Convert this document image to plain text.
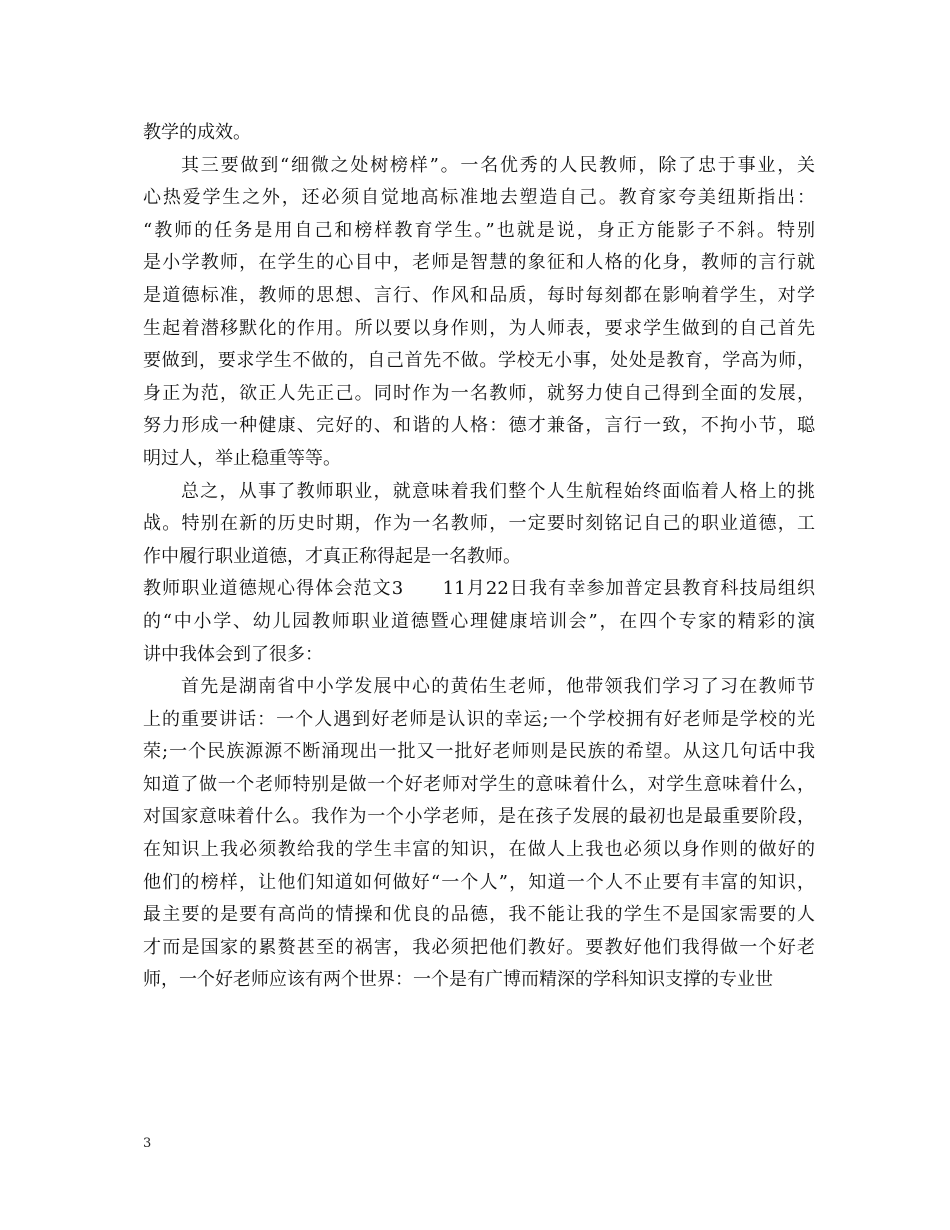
教学的成效。
其三要做到“细微之处树榜样”。一名优秀的人民教师，除了忠于事业，关
心热爱学生之外，还必须自觉地高标准地去塑造自己。教育家夸美纽斯指出：
“教师的任务是用自己和榜样教育学生。”也就是说，身正方能影子不斜。特别
是小学教师，在学生的心目中，老师是智慧的象征和人格的化身，教师的言行就
是道德标准，教师的思想、言行、作风和品质，每时每刻都在影响着学生，对学
生起着潜移默化的作用。所以要以身作则，为人师表，要求学生做到的自己首先
要做到，要求学生不做的，自己首先不做。学校无小事，处处是教育，学高为师，
身正为范，欲正人先正己。同时作为一名教师，就努力使自己得到全面的发展，
努力形成一种健康、完好的、和谐的人格：德才兼备，言行一致，不拘小节，聪
明过人，举止稳重等等。
总之，从事了教师职业，就意味着我们整个人生航程始终面临着人格上的挑
战。特别在新的历史时期，作为一名教师，一定要时刻铭记自己的职业道德，工
作中履行职业道德，才真正称得起是一名教师。
教师职业道德规心得体会范文3　　11月22日我有幸参加普定县教育科技局组织
的“中小学、幼儿园教师职业道德暨心理健康培训会”，在四个专家的精彩的演
讲中我体会到了很多：
首先是湖南省中小学发展中心的黄佑生老师，他带领我们学习了习在教师节
上的重要讲话：一个人遇到好老师是认识的幸运;一个学校拥有好老师是学校的光
荣;一个民族源源不断涌现出一批又一批好老师则是民族的希望。从这几句话中我
知道了做一个老师特别是做一个好老师对学生的意味着什么，对学生意味着什么，
对国家意味着什么。我作为一个小学老师，是在孩子发展的最初也是最重要阶段，
在知识上我必须教给我的学生丰富的知识，在做人上我也必须以身作则的做好的
他们的榜样，让他们知道如何做好“一个人”，知道一个人不止要有丰富的知识，
最主要的是要有高尚的情操和优良的品德，我不能让我的学生不是国家需要的人
才而是国家的累赘甚至的祸害，我必须把他们教好。要教好他们我得做一个好老
师，一个好老师应该有两个世界：一个是有广博而精深的学科知识支撑的专业世
3
